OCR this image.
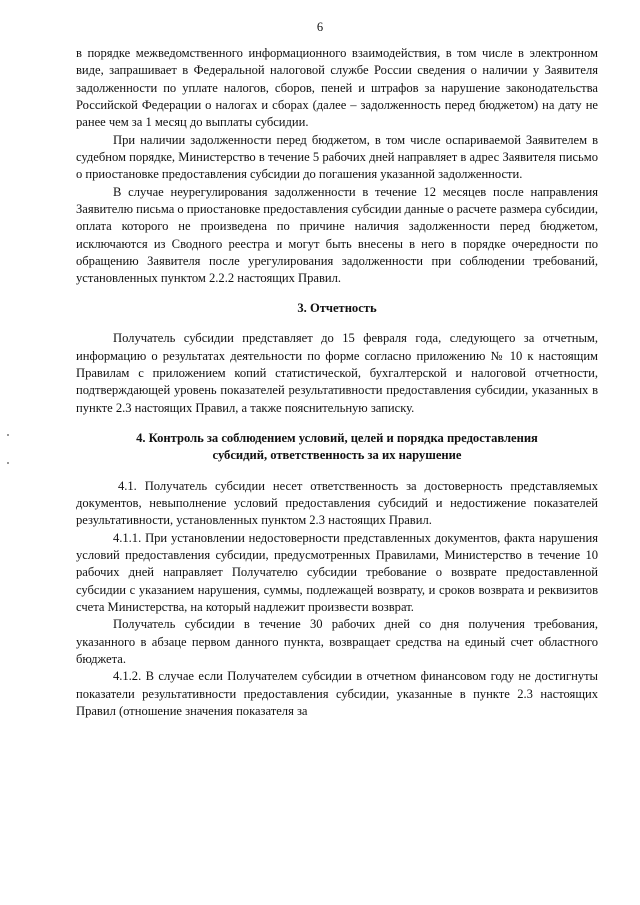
6

в порядке межведомственного информационного взаимодействия, в том числе в электронном виде, запрашивает в Федеральной налоговой службе России сведения о наличии у Заявителя задолженности по уплате налогов, сборов, пеней и штрафов за нарушение законодательства Российской Федерации о налогах и сборах (далее – задолженность перед бюджетом) на дату не ранее чем за 1 месяц до выплаты субсидии.

При наличии задолженности перед бюджетом, в том числе оспариваемой Заявителем в судебном порядке, Министерство в течение 5 рабочих дней направляет в адрес Заявителя письмо о приостановке предоставления субсидии до погашения указанной задолженности.

В случае неурегулирования задолженности в течение 12 месяцев после направления Заявителю письма о приостановке предоставления субсидии данные о расчете размера субсидии, оплата которого не произведена по причине наличия задолженности перед бюджетом, исключаются из Сводного реестра и могут быть внесены в него в порядке очередности по обращению Заявителя после урегулирования задолженности при соблюдении требований, установленных пунктом 2.2.2 настоящих Правил.

3. Отчетность

Получатель субсидии представляет до 15 февраля года, следующего за отчетным, информацию о результатах деятельности по форме согласно приложению № 10 к настоящим Правилам с приложением копий статистической, бухгалтерской и налоговой отчетности, подтверждающей уровень показателей результативности предоставления субсидии, указанных в пункте 2.3 настоящих Правил, а также пояснительную записку.

4. Контроль за соблюдением условий, целей и порядка предоставления
субсидий, ответственность за их нарушение

4.1. Получатель субсидии несет ответственность за достоверность представляемых документов, невыполнение условий предоставления субсидий и недостижение показателей результативности, установленных пунктом 2.3 настоящих Правил.

4.1.1. При установлении недостоверности представленных документов, факта нарушения условий предоставления субсидии, предусмотренных Правилами, Министерство в течение 10 рабочих дней направляет Получателю субсидии требование о возврате предоставленной субсидии с указанием нарушения, суммы, подлежащей возврату, и сроков возврата и реквизитов счета Министерства, на который надлежит произвести возврат.

Получатель субсидии в течение 30 рабочих дней со дня получения требования, указанного в абзаце первом данного пункта, возвращает средства на единый счет областного бюджета.

4.1.2. В случае если Получателем субсидии в отчетном финансовом году не достигнуты показатели результативности предоставления субсидии, указанные в пункте 2.3 настоящих Правил (отношение значения показателя за
